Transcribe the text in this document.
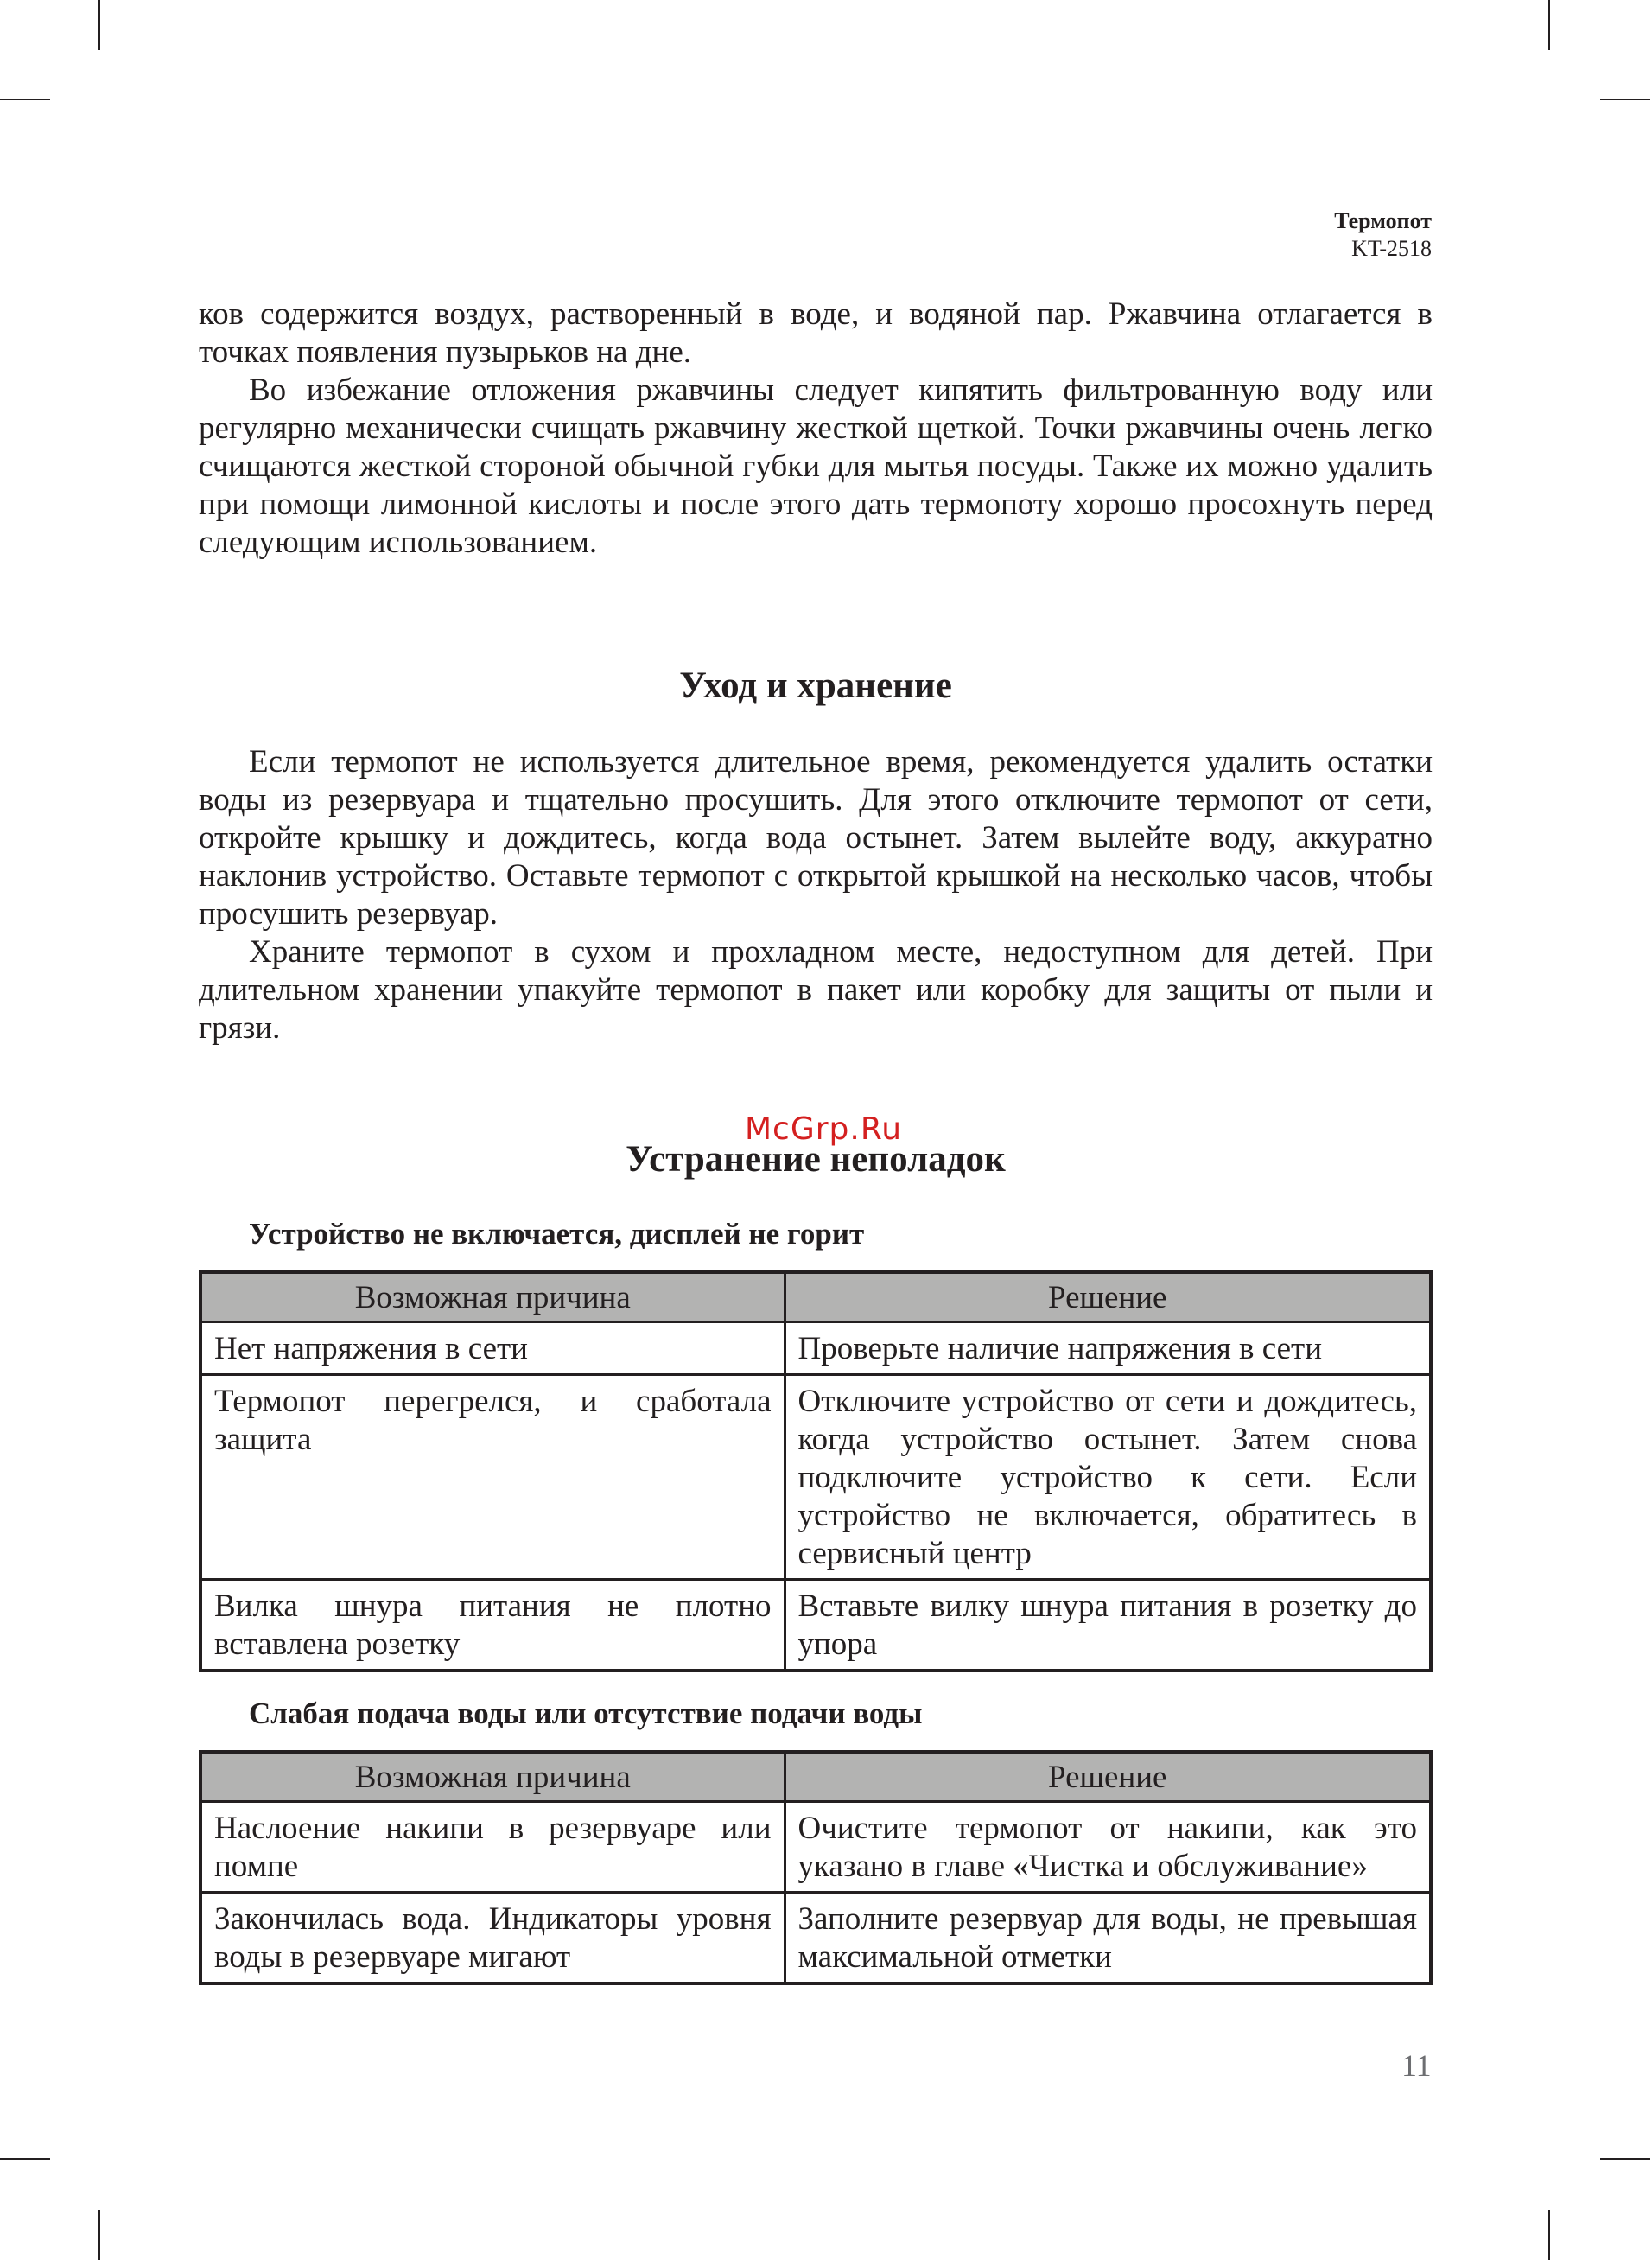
Термопот
KT-2518

ков содержится воздух, растворенный в воде, и водяной пар. Ржавчина отлагается в точках появления пузырьков на дне.

Во избежание отложения ржавчины следует кипятить фильтрованную воду или регулярно механически счищать ржавчину жесткой щеткой. Точки ржавчины очень легко счищаются жесткой стороной обычной губки для мытья посуды. Также их можно удалить при помощи лимонной кислоты и после этого дать термопоту хорошо просохнуть перед следующим использованием.

Уход и хранение

Если термопот не используется длительное время, рекомендуется удалить остатки воды из резервуара и тщательно просушить. Для этого отключите термопот от сети, откройте крышку и дождитесь, когда вода остынет. Затем вылейте воду, аккуратно наклонив устройство. Оставьте термопот с открытой крышкой на несколько часов, чтобы просушить резервуар.

Храните термопот в сухом и прохладном месте, недоступном для детей. При длительном хранении упакуйте термопот в пакет или коробку для защиты от пыли и грязи.

McGrp.Ru
Устранение неполадок
Устройство не включается, дисплей не горит
Возможная причина	Решение
Нет напряжения в сети	Проверьте наличие напряжения в сети
Термопот перегрелся, и сработала защита	Отключите устройство от сети и дождитесь, когда устройство остынет. Затем снова подключите устройство к сети. Если устройство не включается, обратитесь в сервисный центр
Вилка шнура питания не плотно вставлена розетку	Вставьте вилку шнура питания в розетку до упора
Слабая подача воды или отсутствие подачи воды
Возможная причина	Решение
Наслоение накипи в резервуаре или помпе	Очистите термопот от накипи, как это указано в главе «Чистка и обслуживание»
Закончилась вода. Индикаторы уровня воды в резервуаре мигают	Заполните резервуар для воды, не превышая максимальной отметки
11
